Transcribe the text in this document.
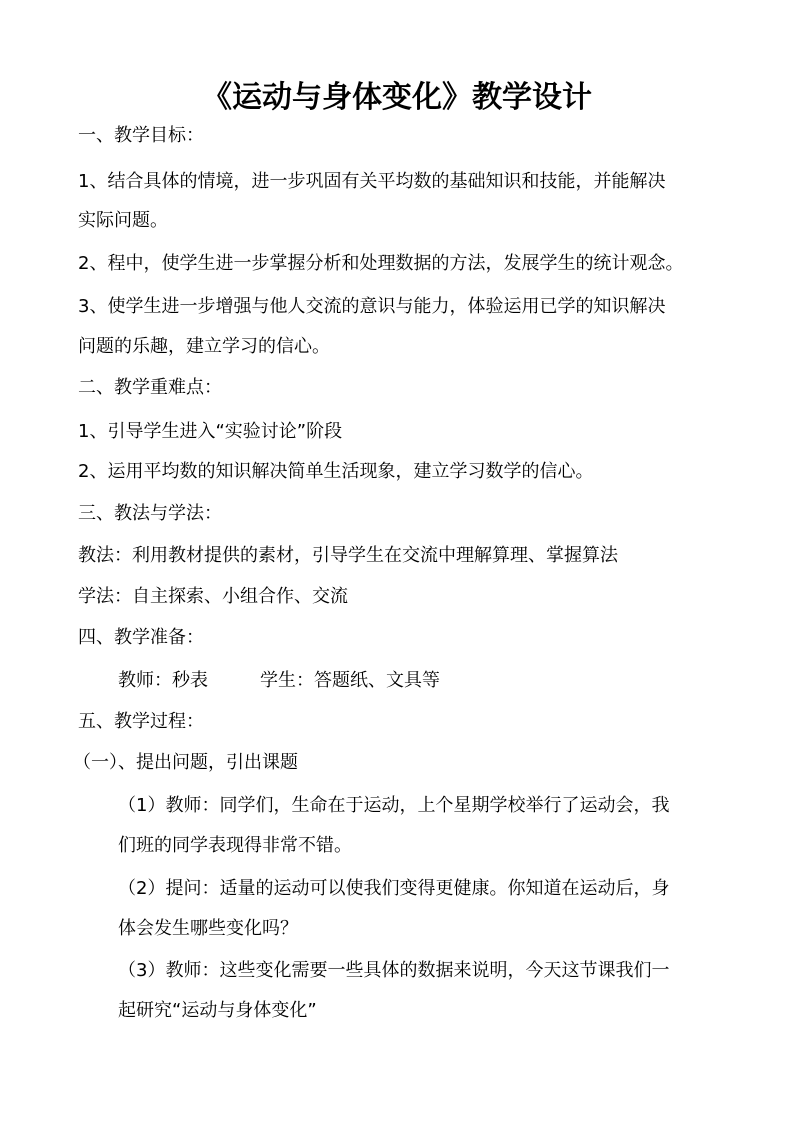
《运动与身体变化》教学设计
一、教学目标：
1、结合具体的情境，进一步巩固有关平均数的基础知识和技能，并能解决
实际问题。
2、程中，使学生进一步掌握分析和处理数据的方法，发展学生的统计观念。
3、使学生进一步增强与他人交流的意识与能力，体验运用已学的知识解决
问题的乐趣，建立学习的信心。
二、教学重难点：
1、引导学生进入“实验讨论”阶段
2、运用平均数的知识解决简单生活现象，建立学习数学的信心。
三、教法与学法：
教法：利用教材提供的素材，引导学生在交流中理解算理、掌握算法
学法：自主探索、小组合作、交流
四、教学准备：
教师：秒表	学生：答题纸、文具等
五、教学过程：
（一）、提出问题，引出课题
（1）教师：同学们，生命在于运动，上个星期学校举行了运动会，我
们班的同学表现得非常不错。
（2）提问：适量的运动可以使我们变得更健康。你知道在运动后，身
体会发生哪些变化吗？
（3）教师：这些变化需要一些具体的数据来说明，今天这节课我们一
起研究“运动与身体变化”
